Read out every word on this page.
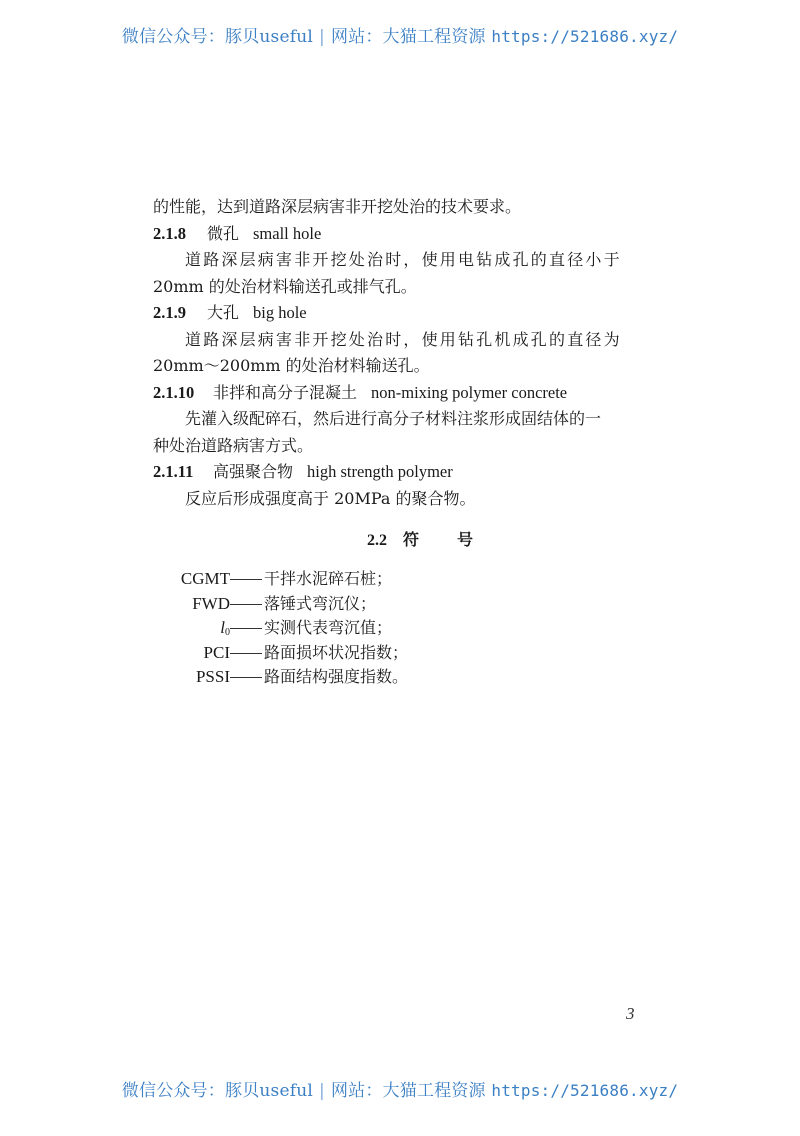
微信公众号：豚贝useful | 网站：大猫工程资源 https://521686.xyz/
的性能，达到道路深层病害非开挖处治的技术要求。
2.1.8 微孔 small hole
道路深层病害非开挖处治时，使用电钻成孔的直径小于
20mm 的处治材料输送孔或排气孔。
2.1.9 大孔 big hole
道路深层病害非开挖处治时，使用钻孔机成孔的直径为
20mm～200mm 的处治材料输送孔。
2.1.10 非拌和高分子混凝土 non-mixing polymer concrete
先灌入级配碎石，然后进行高分子材料注浆形成固结体的一
种处治道路病害方式。
2.1.11 高强聚合物 high strength polymer
反应后形成强度高于 20MPa 的聚合物。
2.2 符 号
CGMT 干拌水泥碎石桩；
FWD 落锤式弯沉仪；
$l_0$ 实测代表弯沉值；
PCI 路面损坏状况指数；
PSSI 路面结构强度指数。
3
微信公众号：豚贝useful | 网站：大猫工程资源 https://521686.xyz/
